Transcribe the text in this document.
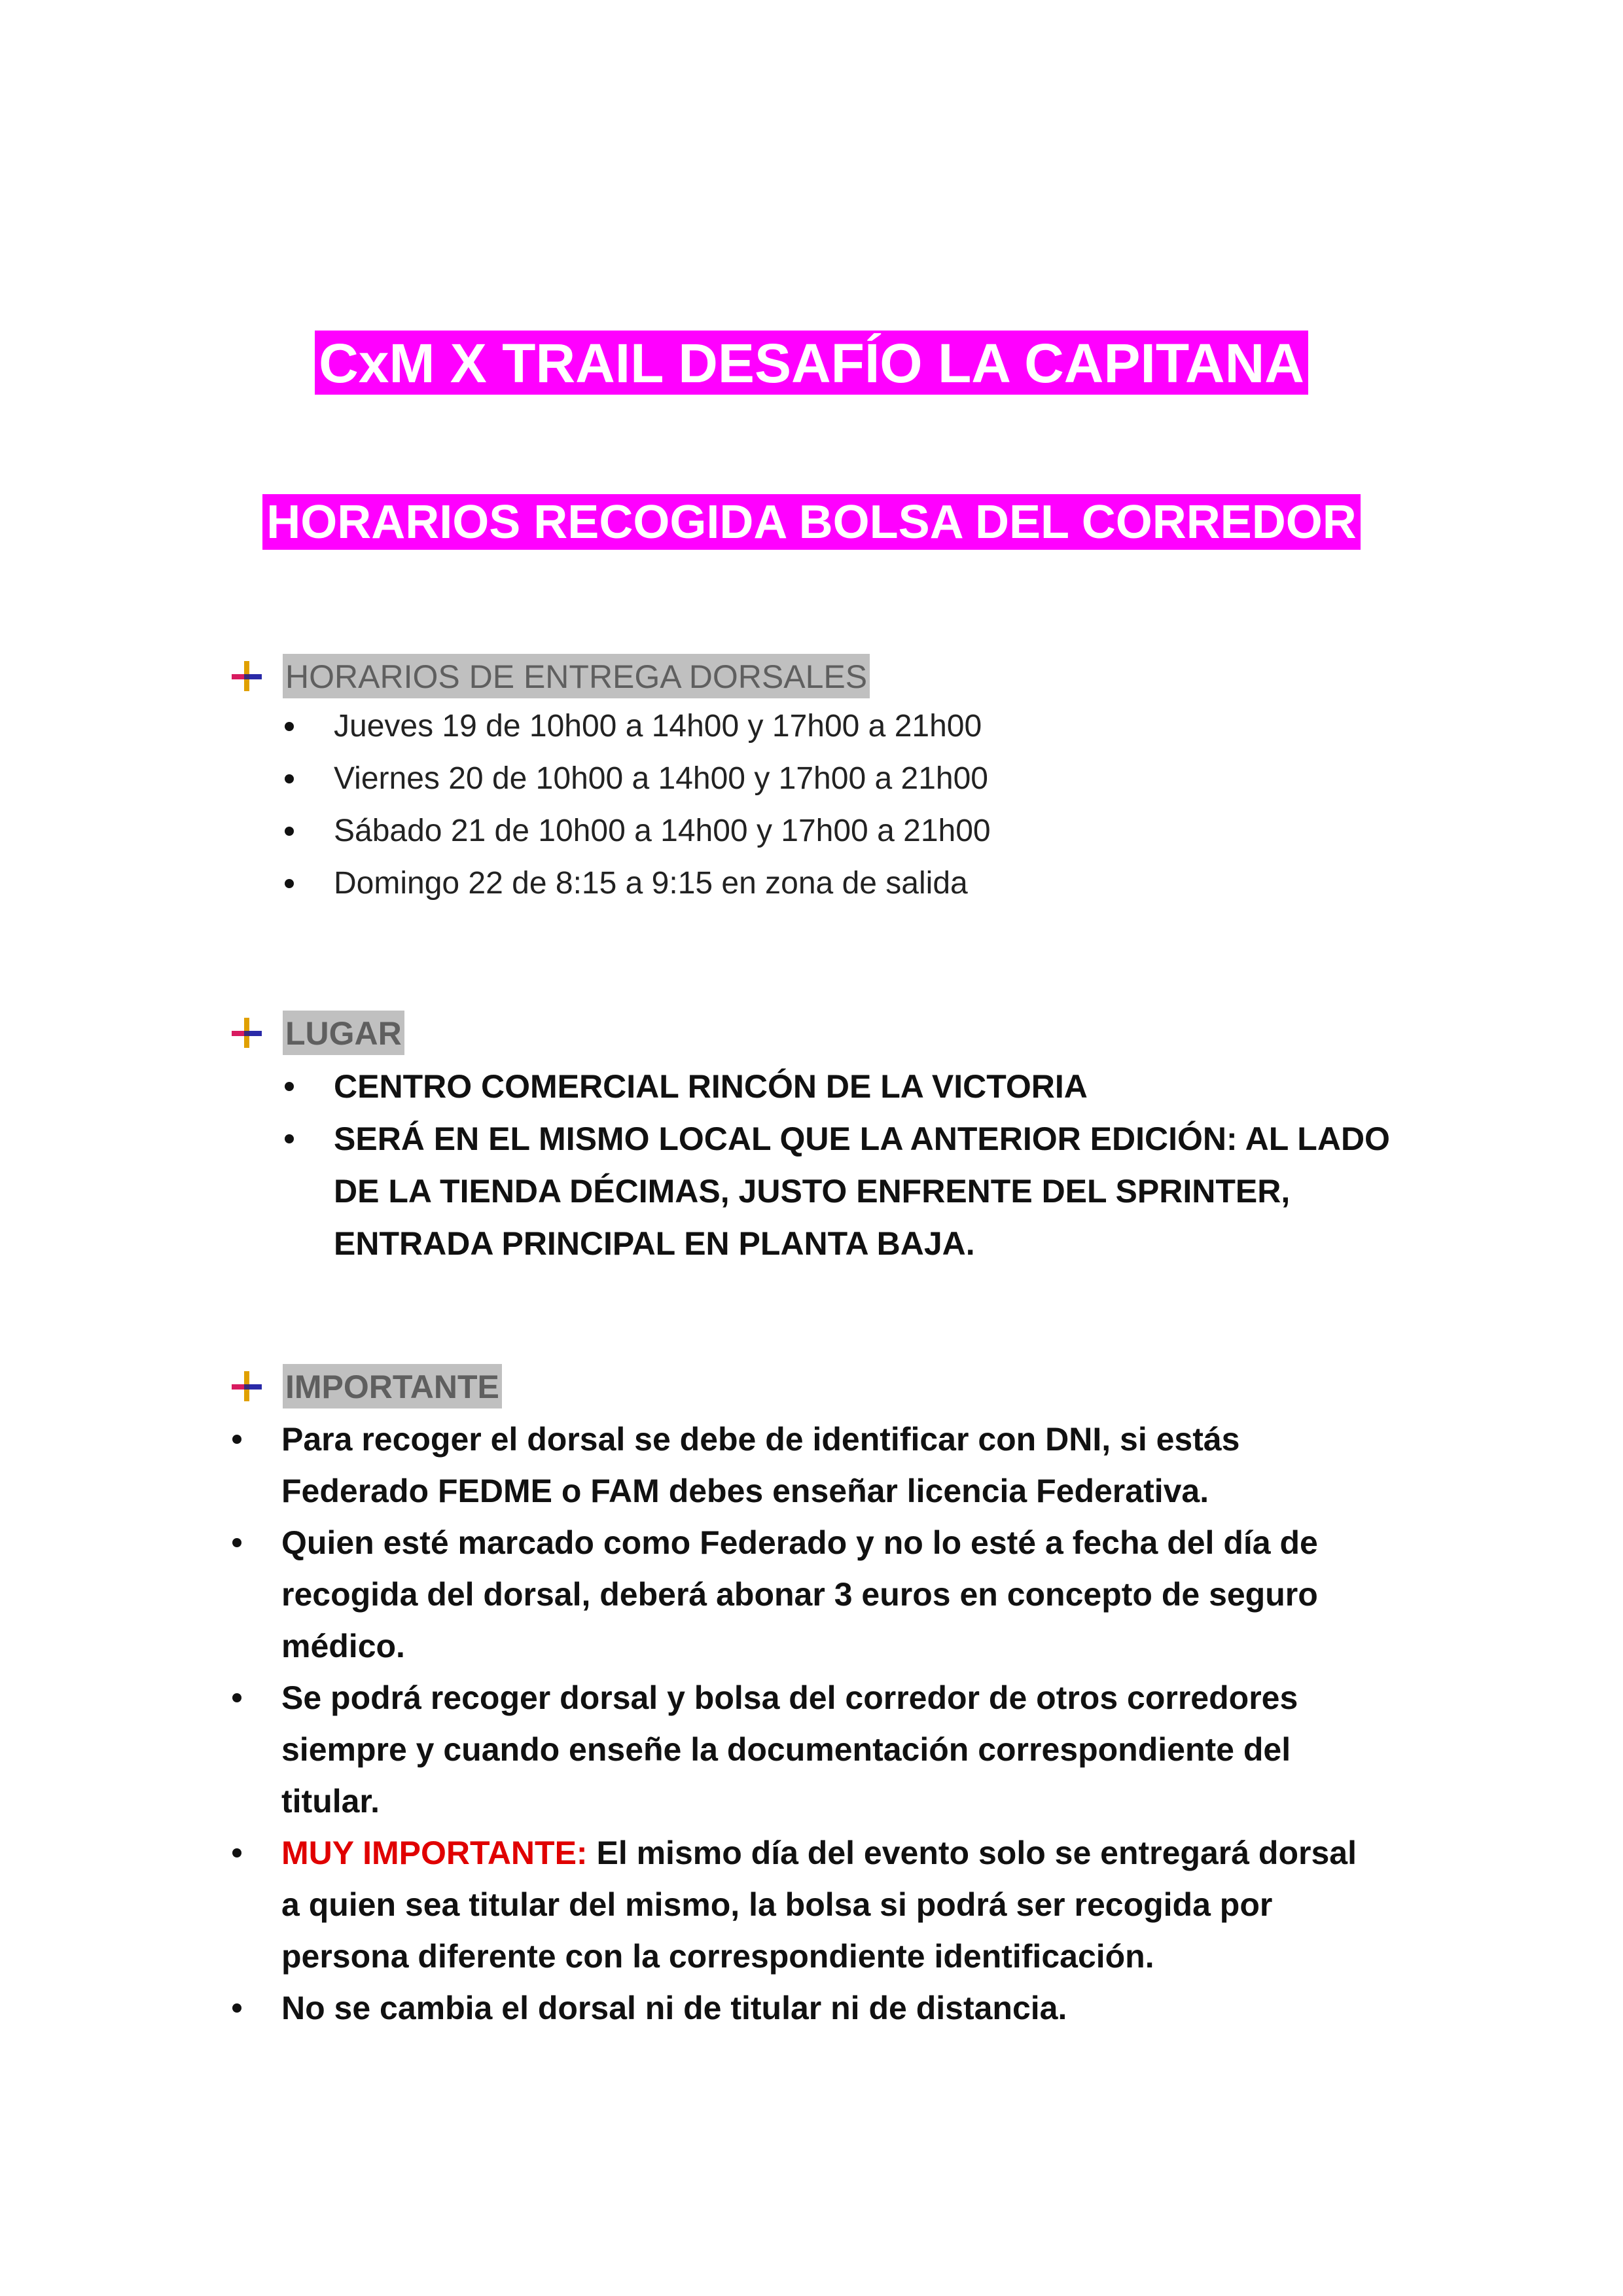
CxM X TRAIL DESAFÍO LA CAPITANA
HORARIOS RECOGIDA BOLSA DEL CORREDOR
HORARIOS DE ENTREGA DORSALES
Jueves 19 de 10h00 a 14h00 y 17h00 a 21h00
Viernes 20 de 10h00 a 14h00 y 17h00 a 21h00
Sábado 21 de 10h00 a 14h00 y 17h00 a 21h00
Domingo 22 de 8:15 a 9:15 en zona de salida
LUGAR
CENTRO COMERCIAL RINCÓN DE LA VICTORIA
SERÁ EN EL MISMO LOCAL QUE LA ANTERIOR EDICIÓN: AL LADO
DE LA TIENDA DÉCIMAS, JUSTO ENFRENTE DEL SPRINTER,
ENTRADA PRINCIPAL EN PLANTA BAJA.
IMPORTANTE
Para recoger el dorsal se debe de identificar con DNI, si estás
Federado FEDME o FAM debes enseñar licencia Federativa.
Quien esté marcado como Federado y no lo esté a fecha del día de
recogida del dorsal, deberá abonar 3 euros en concepto de seguro
médico.
Se podrá recoger dorsal y bolsa del corredor de otros corredores
siempre y cuando enseñe la documentación correspondiente del
titular.
MUY IMPORTANTE: El mismo día del evento solo se entregará dorsal
a quien sea titular del mismo, la bolsa si podrá ser recogida por
persona diferente con la correspondiente identificación.
No se cambia el dorsal ni de titular ni de distancia.
